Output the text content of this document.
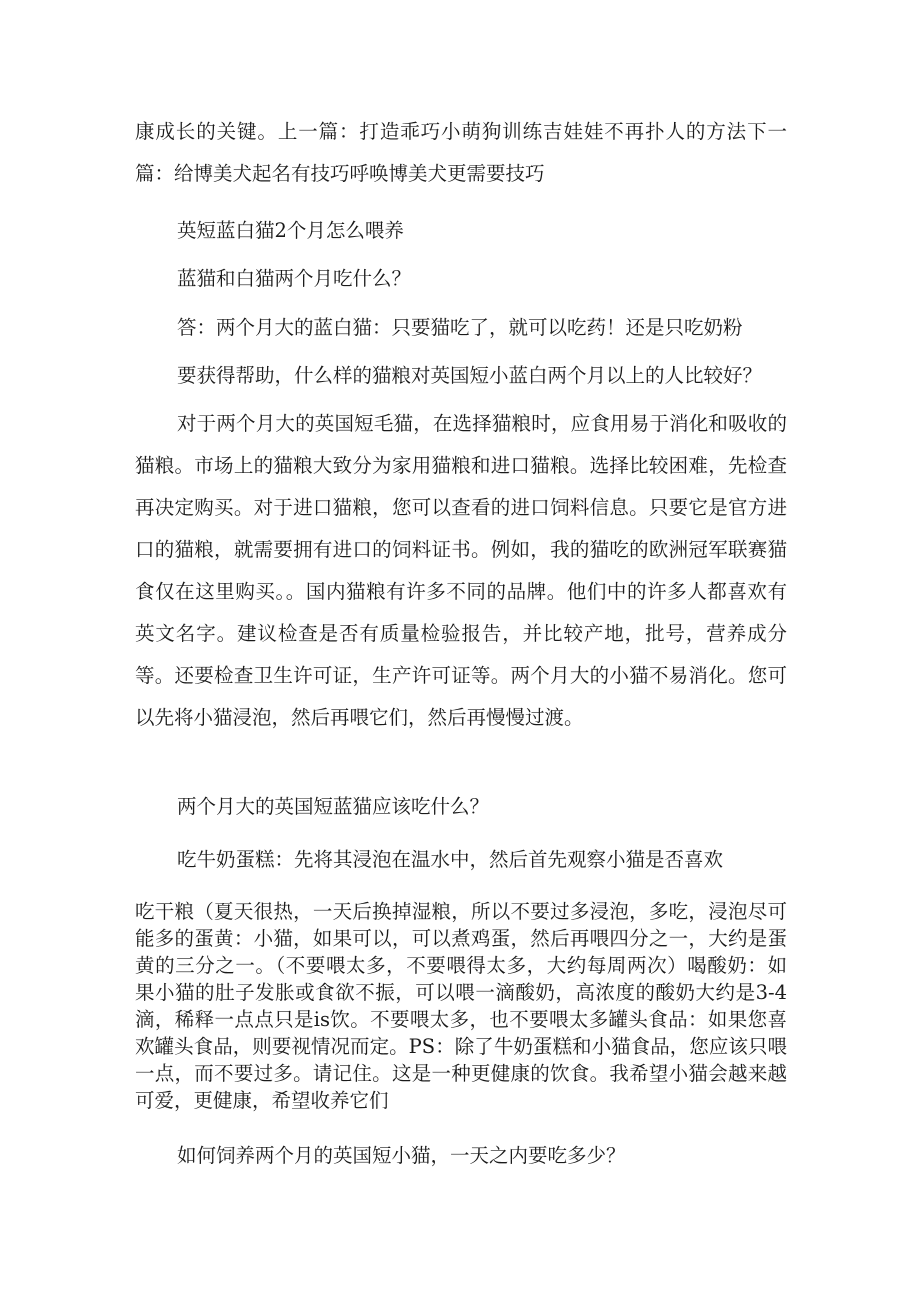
康成长的关键。上一篇：打造乖巧小萌狗训练吉娃娃不再扑人的方法下一篇：给博美犬起名有技巧呼唤博美犬更需要技巧

英短蓝白猫2个月怎么喂养

蓝猫和白猫两个月吃什么？

答：两个月大的蓝白猫：只要猫吃了，就可以吃药！还是只吃奶粉

要获得帮助，什么样的猫粮对英国短小蓝白两个月以上的人比较好？

对于两个月大的英国短毛猫，在选择猫粮时，应食用易于消化和吸收的猫粮。市场上的猫粮大致分为家用猫粮和进口猫粮。选择比较困难，先检查再决定购买。对于进口猫粮，您可以查看的进口饲料信息。只要它是官方进口的猫粮，就需要拥有进口的饲料证书。例如，我的猫吃的欧洲冠军联赛猫食仅在这里购买。。国内猫粮有许多不同的品牌。他们中的许多人都喜欢有英文名字。建议检查是否有质量检验报告，并比较产地，批号，营养成分等。还要检查卫生许可证，生产许可证等。两个月大的小猫不易消化。您可以先将小猫浸泡，然后再喂它们，然后再慢慢过渡。

两个月大的英国短蓝猫应该吃什么？

吃牛奶蛋糕：先将其浸泡在温水中，然后首先观察小猫是否喜欢

吃干粮（夏天很热，一天后换掉湿粮，所以不要过多浸泡，多吃，浸泡尽可能多的蛋黄：小猫，如果可以，可以煮鸡蛋，然后再喂四分之一，大约是蛋黄的三分之一。（不要喂太多，不要喂得太多，大约每周两次）喝酸奶：如果小猫的肚子发胀或食欲不振，可以喂一滴酸奶，高浓度的酸奶大约是3-4滴，稀释一点点只是is饮。不要喂太多，也不要喂太多罐头食品：如果您喜欢罐头食品，则要视情况而定。PS：除了牛奶蛋糕和小猫食品，您应该只喂一点，而不要过多。请记住。这是一种更健康的饮食。我希望小猫会越来越可爱，更健康，希望收养它们

如何饲养两个月的英国短小猫，一天之内要吃多少？
